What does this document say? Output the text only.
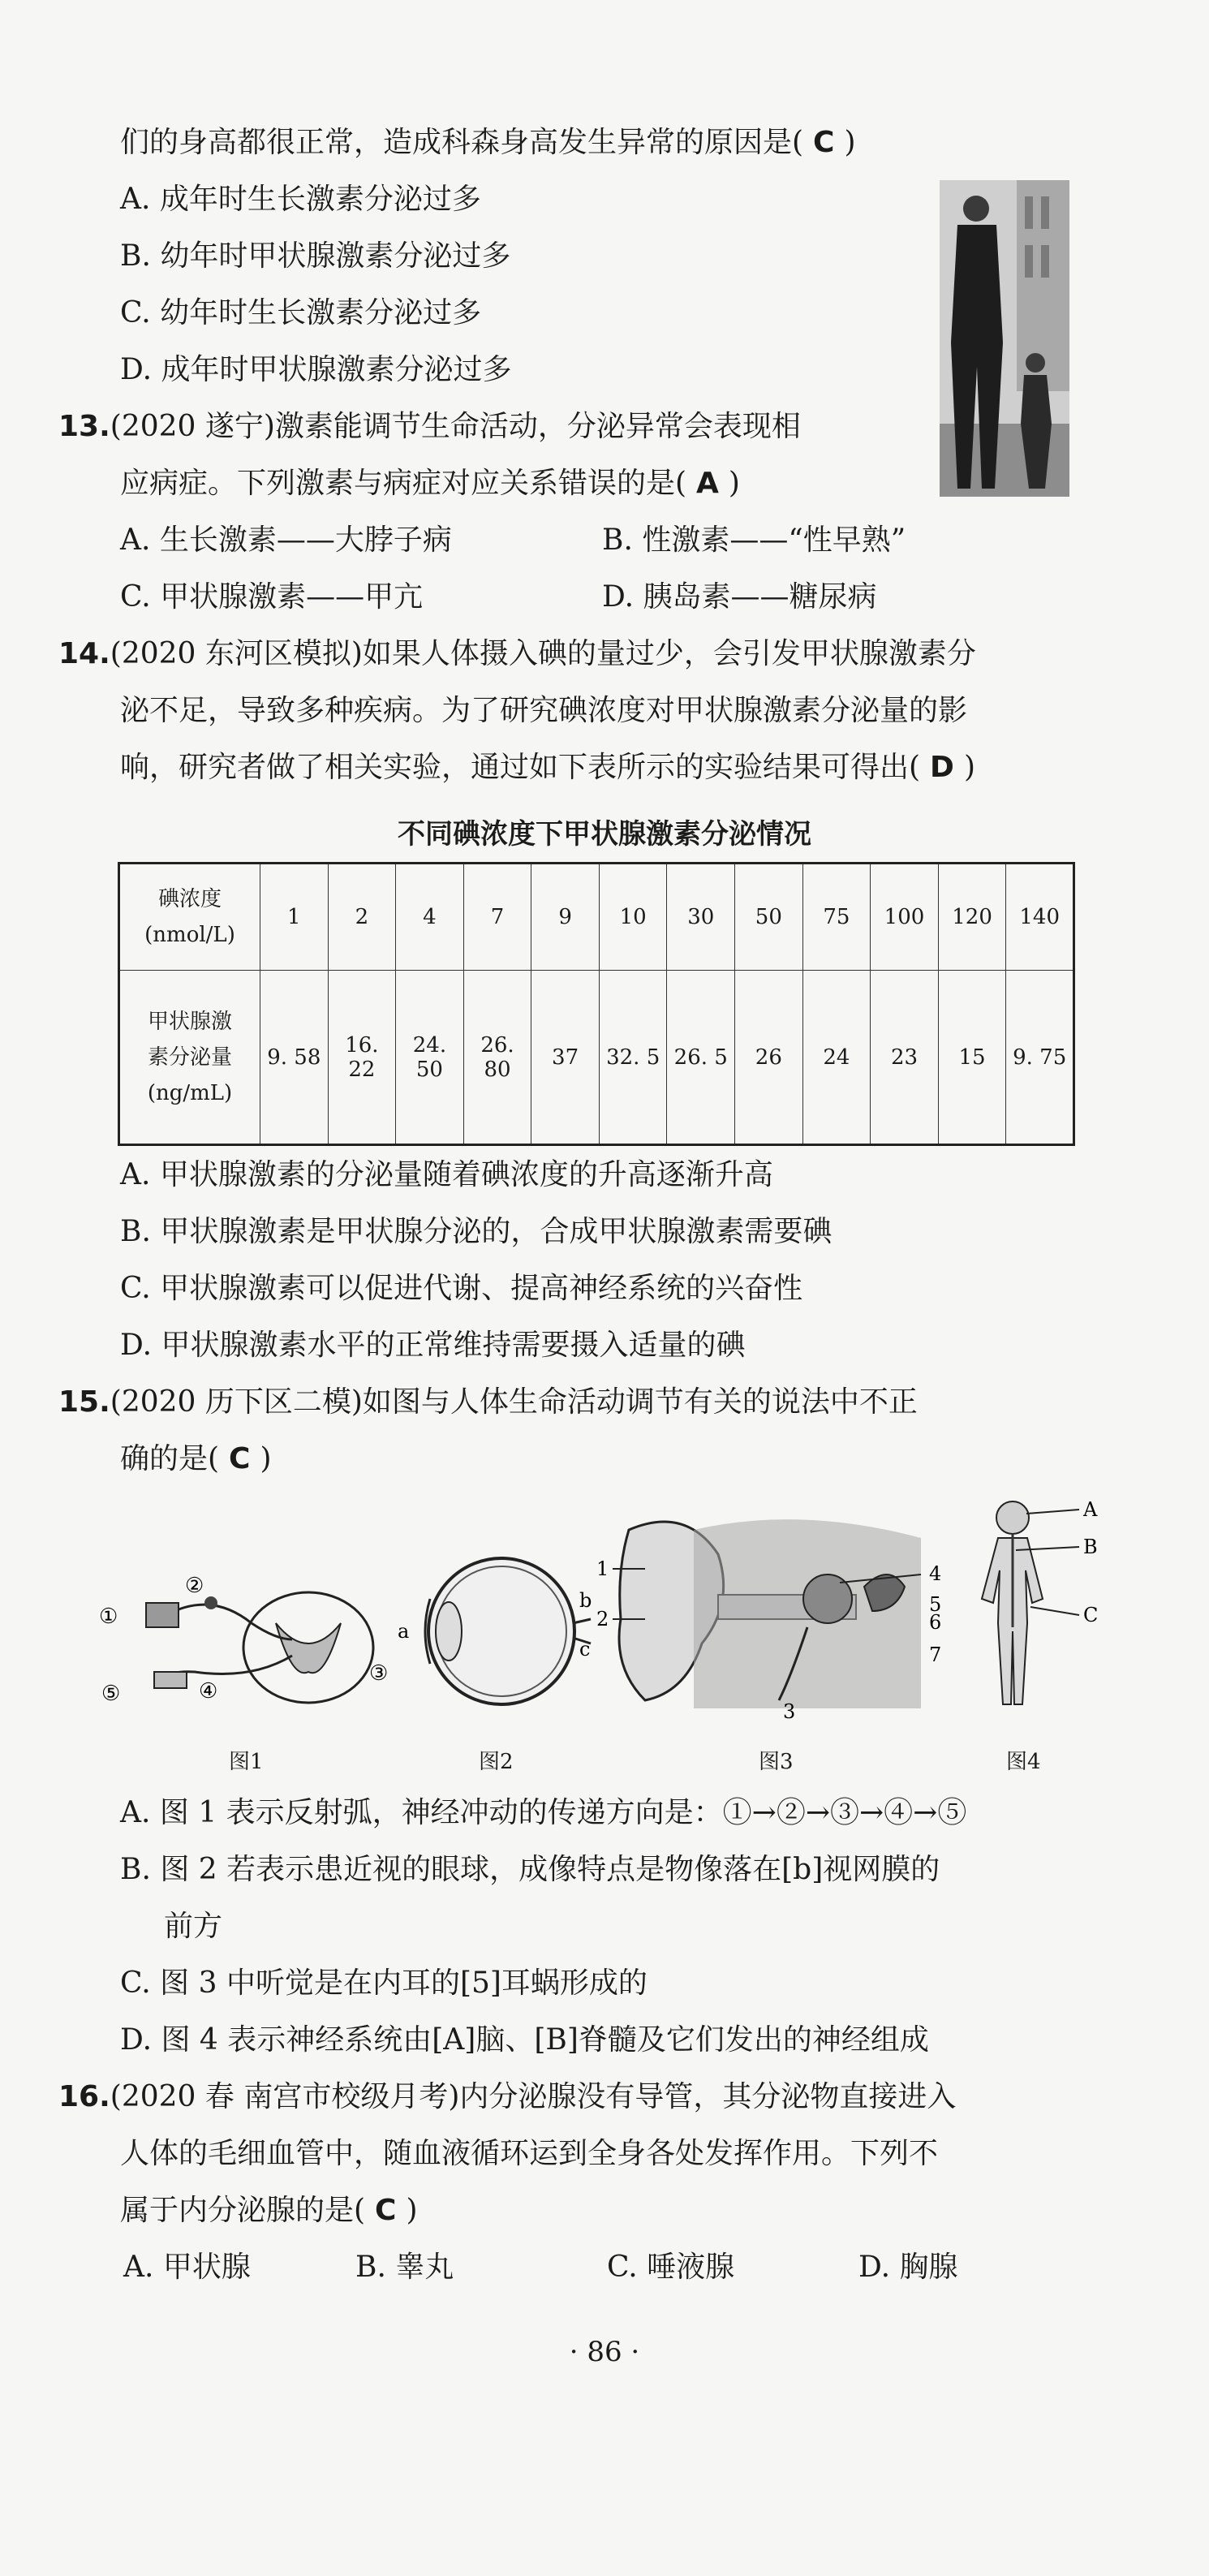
们的身高都很正常，造成科森身高发生异常的原因是( C )
A. 成年时生长激素分泌过多
B. 幼年时甲状腺激素分泌过多
C. 幼年时生长激素分泌过多
D. 成年时甲状腺激素分泌过多
13.(2020 遂宁)激素能调节生命活动，分泌异常会表现相
应病症。下列激素与病症对应关系错误的是( A )
A. 生长激素——大脖子病	B. 性激素——“性早熟”
C. 甲状腺激素——甲亢	D. 胰岛素——糖尿病
14.(2020 东河区模拟)如果人体摄入碘的量过少，会引发甲状腺激素分
泌不足，导致多种疾病。为了研究碘浓度对甲状腺激素分泌量的影
响，研究者做了相关实验，通过如下表所示的实验结果可得出( D )
不同碘浓度下甲状腺激素分泌情况
碘浓度
(nmol/L)	1	2	4	7	9	10	30	50	75	100	120	140

甲状腺激
素分泌量
(ng/mL)	9. 58	16. 22	24. 50	26. 80	37	32. 5	26. 5	26	24	23	15	9. 75
A. 甲状腺激素的分泌量随着碘浓度的升高逐渐升高
B. 甲状腺激素是甲状腺分泌的，合成甲状腺激素需要碘
C. 甲状腺激素可以促进代谢、提高神经系统的兴奋性
D. 甲状腺激素水平的正常维持需要摄入适量的碘
15.(2020 历下区二模)如图与人体生命活动调节有关的说法中不正
确的是( C )
①
②
③
④
⑤
a
b
c
1
2
3
4
5
6
7
A
B
C
图1	图2	图3	图4
A. 图 1 表示反射弧，神经冲动的传递方向是：①→②→③→④→⑤
B. 图 2 若表示患近视的眼球，成像特点是物像落在[b]视网膜的
前方
C. 图 3 中听觉是在内耳的[5]耳蜗形成的
D. 图 4 表示神经系统由[A]脑、[B]脊髓及它们发出的神经组成
16.(2020 春 南宫市校级月考)内分泌腺没有导管，其分泌物直接进入
人体的毛细血管中，随血液循环运到全身各处发挥作用。下列不
属于内分泌腺的是( C )
A. 甲状腺	B. 睾丸	C. 唾液腺	D. 胸腺
· 86 ·
